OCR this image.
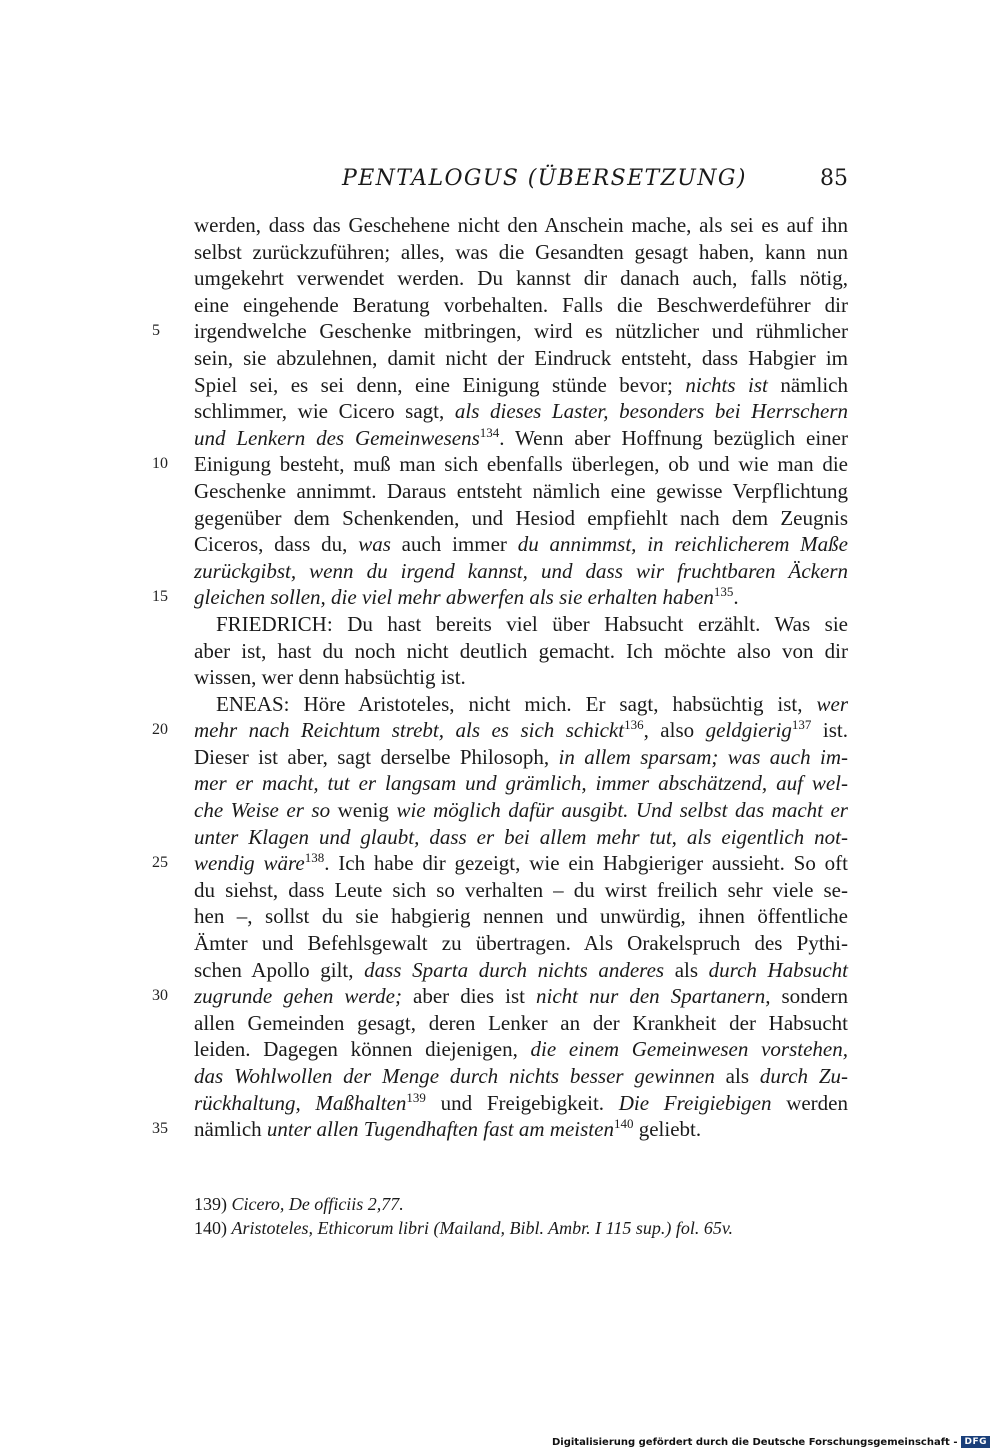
PENTALOGUS (ÜBERSETZUNG)	85
werden, dass das Geschehene nicht den Anschein mache, als sei es auf ihn
selbst zurückzuführen; alles, was die Gesandten gesagt haben, kann nun
umgekehrt verwendet werden. Du kannst dir danach auch, falls nötig,
eine eingehende Beratung vorbehalten. Falls die Beschwerdeführer dir
5 irgendwelche Geschenke mitbringen, wird es nützlicher und rühmlicher
sein, sie abzulehnen, damit nicht der Eindruck entsteht, dass Habgier im
Spiel sei, es sei denn, eine Einigung stünde bevor; nichts ist nämlich
schlimmer, wie Cicero sagt, als dieses Laster, besonders bei Herrschern
und Lenkern des Gemeinwesens$^{134}$. Wenn aber Hoffnung bezüglich einer
10 Einigung besteht, muß man sich ebenfalls überlegen, ob und wie man die
Geschenke annimmt. Daraus entsteht nämlich eine gewisse Verpflichtung
gegenüber dem Schenkenden, und Hesiod empfiehlt nach dem Zeugnis
Ciceros, dass du, was auch immer du annimmst, in reichlicherem Maße
zurückgibst, wenn du irgend kannst, und dass wir fruchtbaren Äckern
15 gleichen sollen, die viel mehr abwerfen als sie erhalten haben$^{135}$.
FRIEDRICH: Du hast bereits viel über Habsucht erzählt. Was sie
aber ist, hast du noch nicht deutlich gemacht. Ich möchte also von dir
wissen, wer denn habsüchtig ist.
ENEAS: Höre Aristoteles, nicht mich. Er sagt, habsüchtig ist, wer
20 mehr nach Reichtum strebt, als es sich schickt$^{136}$, also geldgierig$^{137}$ ist.
Dieser ist aber, sagt derselbe Philosoph, in allem sparsam; was auch im-
mer er macht, tut er langsam und grämlich, immer abschätzend, auf wel-
che Weise er so wenig wie möglich dafür ausgibt. Und selbst das macht er
unter Klagen und glaubt, dass er bei allem mehr tut, als eigentlich not-
25 wendig wäre$^{138}$. Ich habe dir gezeigt, wie ein Habgieriger aussieht. So oft
du siehst, dass Leute sich so verhalten – du wirst freilich sehr viele se-
hen –, sollst du sie habgierig nennen und unwürdig, ihnen öffentliche
Ämter und Befehlsgewalt zu übertragen. Als Orakelspruch des Pythi-
schen Apollo gilt, dass Sparta durch nichts anderes als durch Habsucht
30 zugrunde gehen werde; aber dies ist nicht nur den Spartanern, sondern
allen Gemeinden gesagt, deren Lenker an der Krankheit der Habsucht
leiden. Dagegen können diejenigen, die einem Gemeinwesen vorstehen,
das Wohlwollen der Menge durch nichts besser gewinnen als durch Zu-
rückhaltung, Maßhalten$^{139}$ und Freigebigkeit. Die Freigiebigen werden
35 nämlich unter allen Tugendhaften fast am meisten$^{140}$ geliebt.
139) Cicero, De officiis 2,77.
140) Aristoteles, Ethicorum libri (Mailand, Bibl. Ambr. I 115 sup.) fol. 65v.
Digitalisierung gefördert durch die Deutsche Forschungsgemeinschaft - DFG
